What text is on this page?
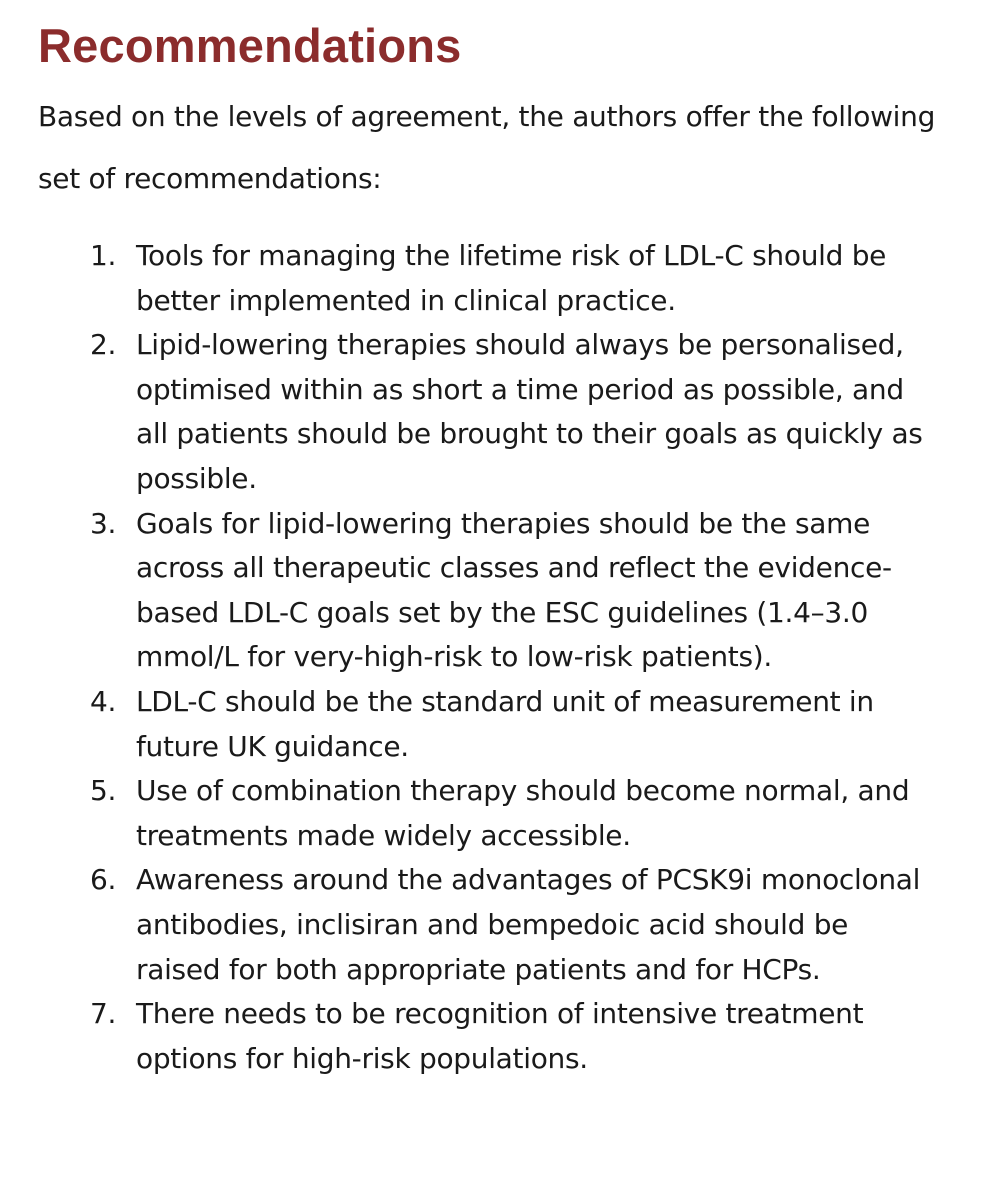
Recommendations

Based on the levels of agreement, the authors offer the following set of recommendations:

1. Tools for managing the lifetime risk of LDL-C should be better implemented in clinical practice.
2. Lipid-lowering therapies should always be personalised, optimised within as short a time period as possible, and all patients should be brought to their goals as quickly as possible.
3. Goals for lipid-lowering therapies should be the same across all therapeutic classes and reflect the evidence-based LDL-C goals set by the ESC guidelines (1.4–3.0 mmol/L for very-high-risk to low-risk patients).
4. LDL-C should be the standard unit of measurement in future UK guidance.
5. Use of combination therapy should become normal, and treatments made widely accessible.
6. Awareness around the advantages of PCSK9i monoclonal antibodies, inclisiran and bempedoic acid should be raised for both appropriate patients and for HCPs.
7. There needs to be recognition of intensive treatment options for high-risk populations.
